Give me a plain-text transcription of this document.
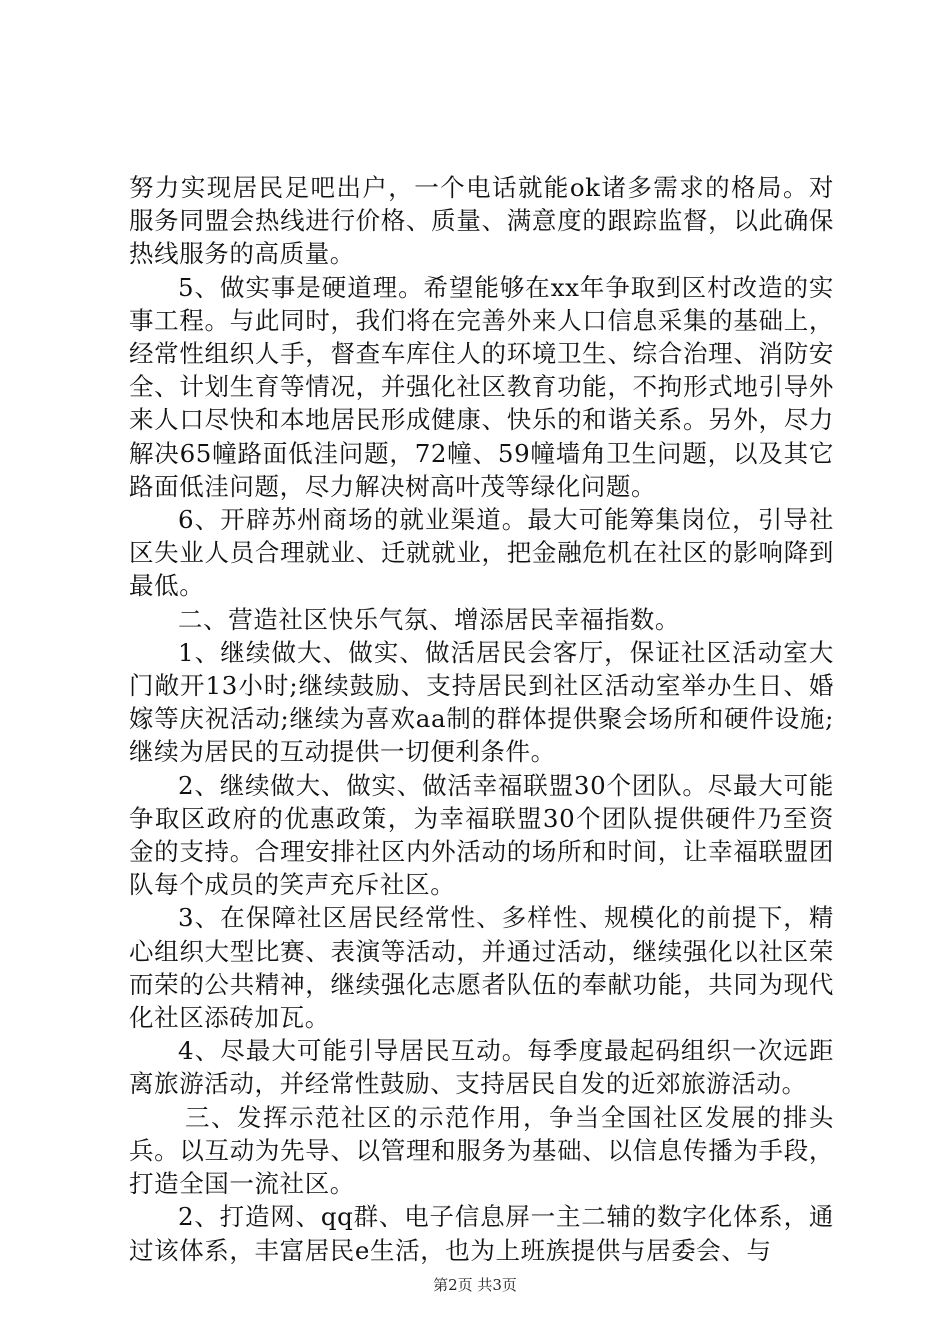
努力实现居民足吧出户，一个电话就能ok诸多需求的格局。对服务同盟会热线进行价格、质量、满意度的跟踪监督，以此确保热线服务的高质量。

5、做实事是硬道理。希望能够在xx年争取到区村改造的实事工程。与此同时，我们将在完善外来人口信息采集的基础上，经常性组织人手，督查车库住人的环境卫生、综合治理、消防安全、计划生育等情况，并强化社区教育功能，不拘形式地引导外来人口尽快和本地居民形成健康、快乐的和谐关系。另外，尽力解决65幢路面低洼问题，72幢、59幢墙角卫生问题，以及其它路面低洼问题，尽力解决树高叶茂等绿化问题。

6、开辟苏州商场的就业渠道。最大可能筹集岗位，引导社区失业人员合理就业、迁就就业，把金融危机在社区的影响降到最低。

二、营造社区快乐气氛、增添居民幸福指数。

1、继续做大、做实、做活居民会客厅，保证社区活动室大门敞开13小时;继续鼓励、支持居民到社区活动室举办生日、婚嫁等庆祝活动;继续为喜欢aa制的群体提供聚会场所和硬件设施;继续为居民的互动提供一切便利条件。

2、继续做大、做实、做活幸福联盟30个团队。尽最大可能争取区政府的优惠政策，为幸福联盟30个团队提供硬件乃至资金的支持。合理安排社区内外活动的场所和时间，让幸福联盟团队每个成员的笑声充斥社区。

3、在保障社区居民经常性、多样性、规模化的前提下，精心组织大型比赛、表演等活动，并通过活动，继续强化以社区荣而荣的公共精神，继续强化志愿者队伍的奉献功能，共同为现代化社区添砖加瓦。

4、尽最大可能引导居民互动。每季度最起码组织一次远距离旅游活动，并经常性鼓励、支持居民自发的近郊旅游活动。

三、发挥示范社区的示范作用，争当全国社区发展的排头兵。以互动为先导、以管理和服务为基础、以信息传播为手段，打造全国一流社区。

2、打造网、qq群、电子信息屏一主二辅的数字化体系，通过该体系，丰富居民e生活，也为上班族提供与居委会、与

第2页 共3页
